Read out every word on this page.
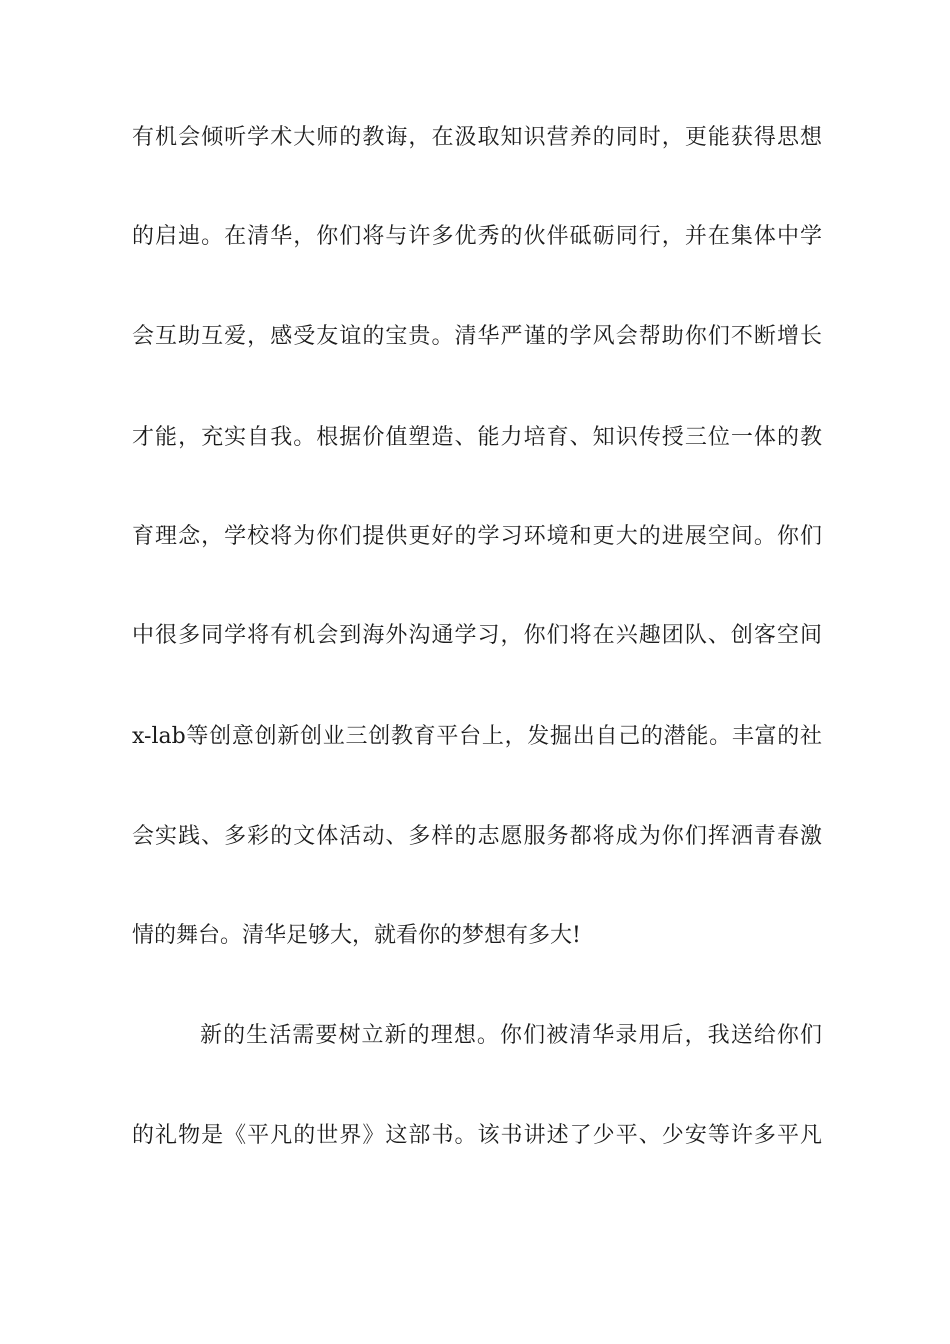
有机会倾听学术大师的教诲，在汲取知识营养的同时，更能获得思想
的启迪。在清华，你们将与许多优秀的伙伴砥砺同行，并在集体中学
会互助互爱，感受友谊的宝贵。清华严谨的学风会帮助你们不断增长
才能，充实自我。根据价值塑造、能力培育、知识传授三位一体的教
育理念，学校将为你们提供更好的学习环境和更大的进展空间。你们
中很多同学将有机会到海外沟通学习，你们将在兴趣团队、创客空间
x-lab等创意创新创业三创教育平台上，发掘出自己的潜能。丰富的社
会实践、多彩的文体活动、多样的志愿服务都将成为你们挥洒青春激
情的舞台。清华足够大，就看你的梦想有多大!
新的生活需要树立新的理想。你们被清华录用后，我送给你们
的礼物是《平凡的世界》这部书。该书讲述了少平、少安等许多平凡
